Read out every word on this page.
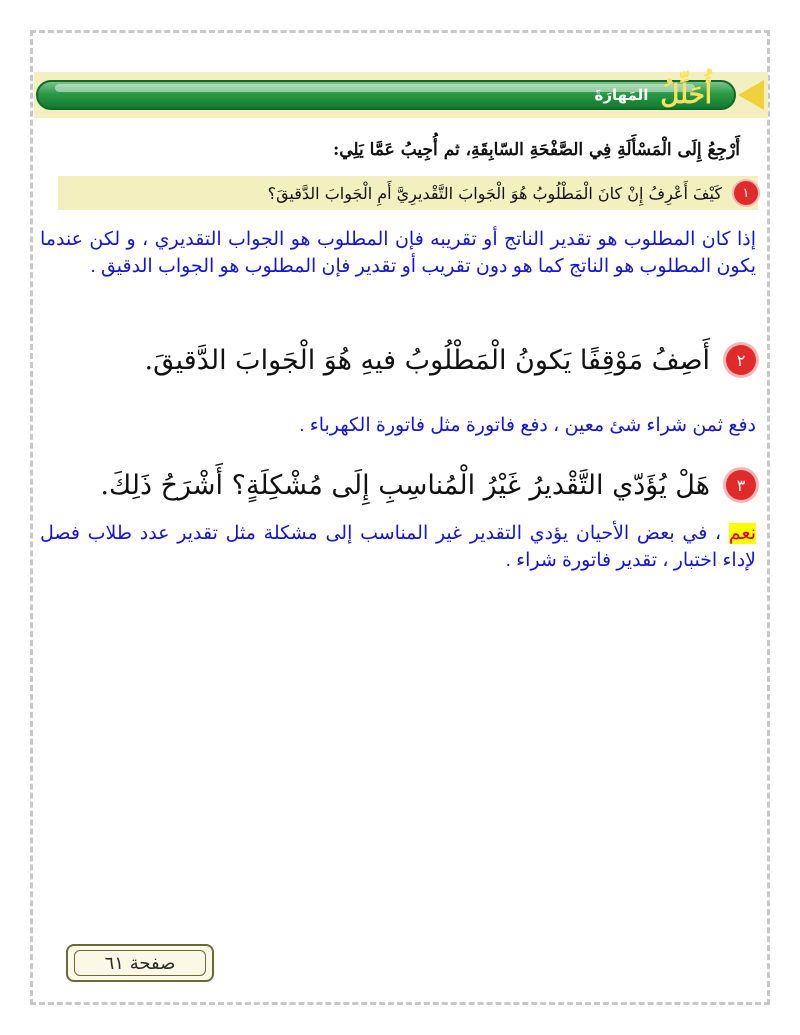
أُحَلِّلُ
المَهارَةَ
أَرْجِعُ إِلَى الْمَسْأَلَةِ فِي الصَّفْحَةِ السّابِقَةِ، ثم أُجِيبُ عَمَّا يَلِي:
١
كَيْفَ أَعْرِفُ إِنْ كانَ الْمَطْلُوبُ هُوَ الْجَوابَ التَّقْديرِيَّ أَمِ الْجَوابَ الدَّقيقَ؟
إذا كان المطلوب هو تقدير الناتج أو تقريبه فإن المطلوب هو الجواب التقديري ، و لكن عندما يكون المطلوب هو الناتج كما هو دون تقريب أو تقدير فإن المطلوب هو الجواب الدقيق .
٢
أَصِفُ مَوْقِفًا يَكونُ الْمَطْلُوبُ فيهِ هُوَ الْجَوابَ الدَّقيقَ.
دفع ثمن شراء شئ معين ، دفع فاتورة مثل فاتورة الكهرباء .
٣
هَلْ يُؤَدّي التَّقْديرُ غَيْرُ الْمُناسِبِ إِلَى مُشْكِلَةٍ؟ أَشْرَحُ ذَلِكَ.
نعم ، في بعض الأحيان يؤدي التقدير غير المناسب إلى مشكلة مثل تقدير عدد طلاب فصل لإداء اختبار ، تقدير فاتورة شراء .
صفحة ٦١
